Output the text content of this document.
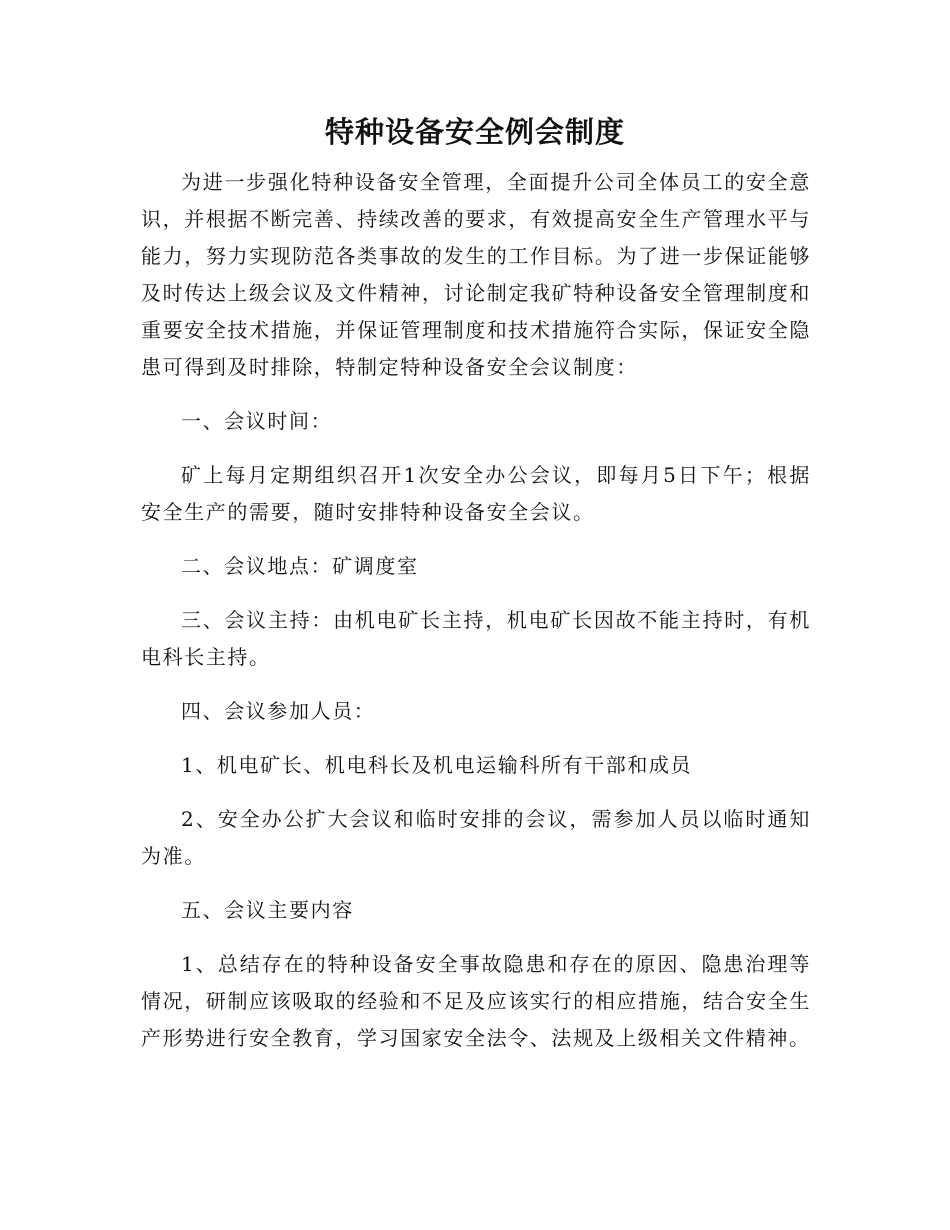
特种设备安全例会制度

为进一步强化特种设备安全管理，全面提升公司全体员工的安全意识，并根据不断完善、持续改善的要求，有效提高安全生产管理水平与能力，努力实现防范各类事故的发生的工作目标。为了进一步保证能够及时传达上级会议及文件精神，讨论制定我矿特种设备安全管理制度和重要安全技术措施，并保证管理制度和技术措施符合实际，保证安全隐患可得到及时排除，特制定特种设备安全会议制度：

一、会议时间：

矿上每月定期组织召开1次安全办公会议，即每月5日下午；根据安全生产的需要，随时安排特种设备安全会议。

二、会议地点：矿调度室

三、会议主持：由机电矿长主持，机电矿长因故不能主持时，有机电科长主持。

四、会议参加人员：

1、机电矿长、机电科长及机电运输科所有干部和成员

2、安全办公扩大会议和临时安排的会议，需参加人员以临时通知为准。

五、会议主要内容

1、总结存在的特种设备安全事故隐患和存在的原因、隐患治理等情况，研制应该吸取的经验和不足及应该实行的相应措施，结合安全生产形势进行安全教育，学习国家安全法令、法规及上级相关文件精神。
